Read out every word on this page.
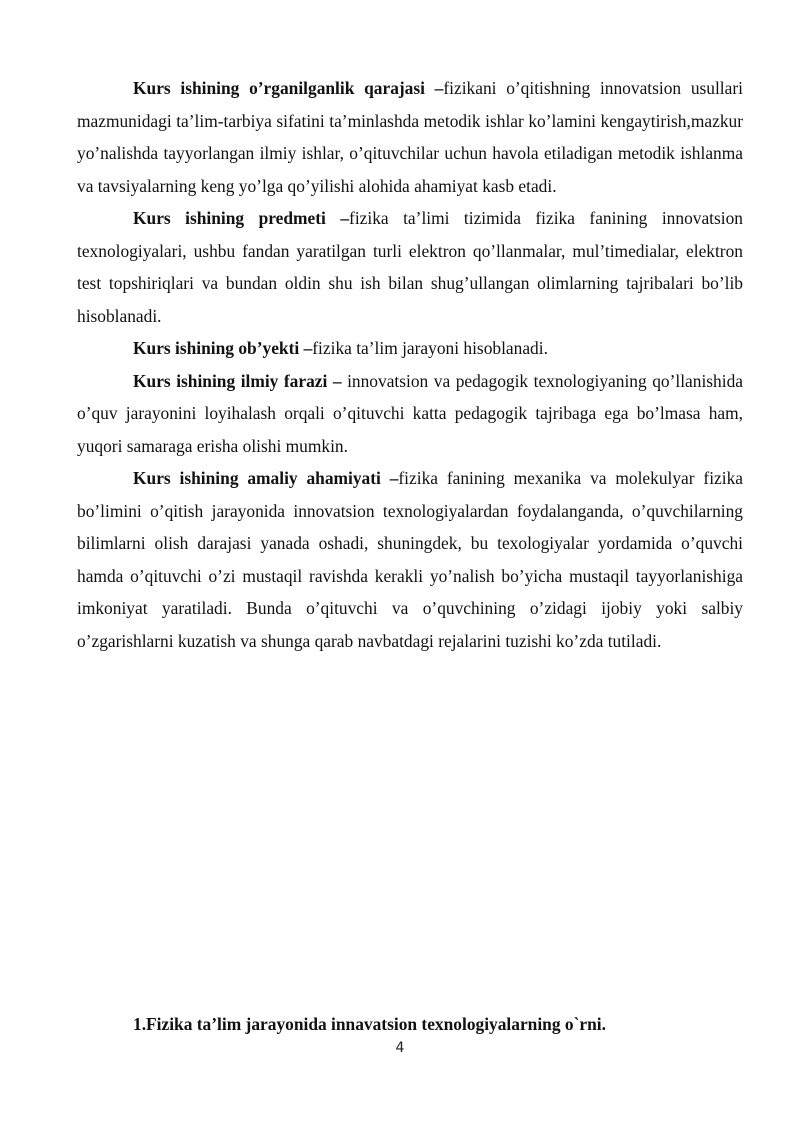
Kurs ishining o’rganilganlik qarajasi –fizikani o’qitishning innovatsion usullari mazmunidagi ta’lim-tarbiya sifatini ta’minlashda metodik ishlar ko’lamini kengaytirish,mazkur yo’nalishda tayyorlangan ilmiy ishlar, o’qituvchilar uchun havola etiladigan metodik ishlanma va tavsiyalarning keng yo’lga qo’yilishi alohida ahamiyat kasb etadi.

Kurs ishining predmeti –fizika ta’limi tizimida fizika fanining innovatsion texnologiyalari, ushbu fandan yaratilgan turli elektron qo’llanmalar, mul’timedialar, elektron test topshiriqlari va bundan oldin shu ish bilan shug’ullangan olimlarning tajribalari bo’lib hisoblanadi.

Kurs ishining ob’yekti –fizika ta’lim jarayoni hisoblanadi.

Kurs ishining ilmiy farazi – innovatsion va pedagogik texnologiyaning qo’llanishida o’quv jarayonini loyihalash orqali o’qituvchi katta pedagogik tajribaga ega bo’lmasa ham, yuqori samaraga erisha olishi mumkin.

Kurs ishining amaliy ahamiyati –fizika fanining mexanika va molekulyar fizika bo’limini o’qitish jarayonida innovatsion texnologiyalardan foydalanganda, o’quvchilarning bilimlarni olish darajasi yanada oshadi, shuningdek, bu texologiyalar yordamida o’quvchi hamda o’qituvchi o’zi mustaqil ravishda kerakli yo’nalish bo’yicha mustaqil tayyorlanishiga imkoniyat yaratiladi. Bunda o’qituvchi va o’quvchining o’zidagi ijobiy yoki salbiy o’zgarishlarni kuzatish va shunga qarab navbatdagi rejalarini tuzishi ko’zda tutiladi.

1.Fizika ta’lim jarayonida innavatsion texnologiyalarning o`rni.
4
